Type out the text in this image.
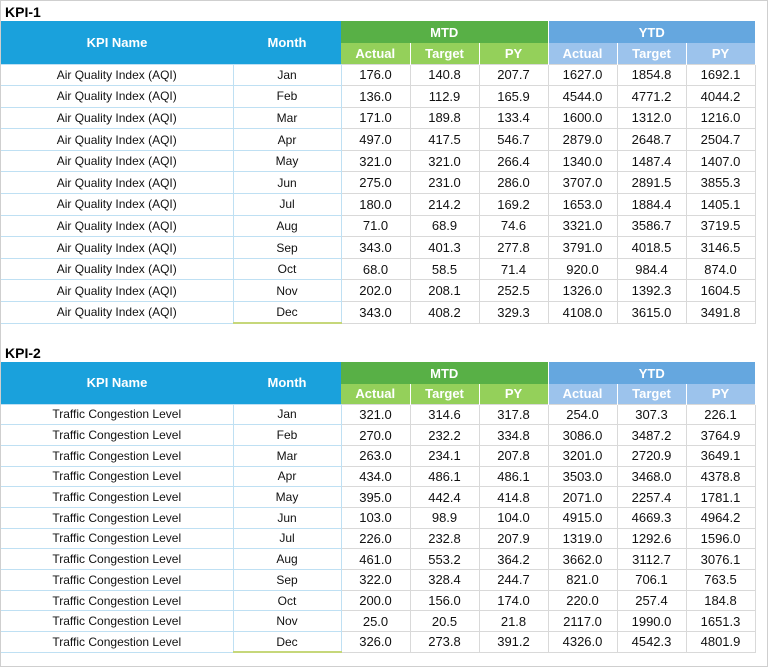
KPI-1
KPI Name	Month	MTD			YTD		
		Actual	Target	PY	Actual	Target	PY
Air Quality Index (AQI)	Jan	176.0	140.8	207.7	1627.0	1854.8	1692.1
Air Quality Index (AQI)	Feb	136.0	112.9	165.9	4544.0	4771.2	4044.2
Air Quality Index (AQI)	Mar	171.0	189.8	133.4	1600.0	1312.0	1216.0
Air Quality Index (AQI)	Apr	497.0	417.5	546.7	2879.0	2648.7	2504.7
Air Quality Index (AQI)	May	321.0	321.0	266.4	1340.0	1487.4	1407.0
Air Quality Index (AQI)	Jun	275.0	231.0	286.0	3707.0	2891.5	3855.3
Air Quality Index (AQI)	Jul	180.0	214.2	169.2	1653.0	1884.4	1405.1
Air Quality Index (AQI)	Aug	71.0	68.9	74.6	3321.0	3586.7	3719.5
Air Quality Index (AQI)	Sep	343.0	401.3	277.8	3791.0	4018.5	3146.5
Air Quality Index (AQI)	Oct	68.0	58.5	71.4	920.0	984.4	874.0
Air Quality Index (AQI)	Nov	202.0	208.1	252.5	1326.0	1392.3	1604.5
Air Quality Index (AQI)	Dec	343.0	408.2	329.3	4108.0	3615.0	3491.8
KPI-2
KPI Name	Month	MTD			YTD		
		Actual	Target	PY	Actual	Target	PY
Traffic Congestion Level	Jan	321.0	314.6	317.8	254.0	307.3	226.1
Traffic Congestion Level	Feb	270.0	232.2	334.8	3086.0	3487.2	3764.9
Traffic Congestion Level	Mar	263.0	234.1	207.8	3201.0	2720.9	3649.1
Traffic Congestion Level	Apr	434.0	486.1	486.1	3503.0	3468.0	4378.8
Traffic Congestion Level	May	395.0	442.4	414.8	2071.0	2257.4	1781.1
Traffic Congestion Level	Jun	103.0	98.9	104.0	4915.0	4669.3	4964.2
Traffic Congestion Level	Jul	226.0	232.8	207.9	1319.0	1292.6	1596.0
Traffic Congestion Level	Aug	461.0	553.2	364.2	3662.0	3112.7	3076.1
Traffic Congestion Level	Sep	322.0	328.4	244.7	821.0	706.1	763.5
Traffic Congestion Level	Oct	200.0	156.0	174.0	220.0	257.4	184.8
Traffic Congestion Level	Nov	25.0	20.5	21.8	2117.0	1990.0	1651.3
Traffic Congestion Level	Dec	326.0	273.8	391.2	4326.0	4542.3	4801.9
